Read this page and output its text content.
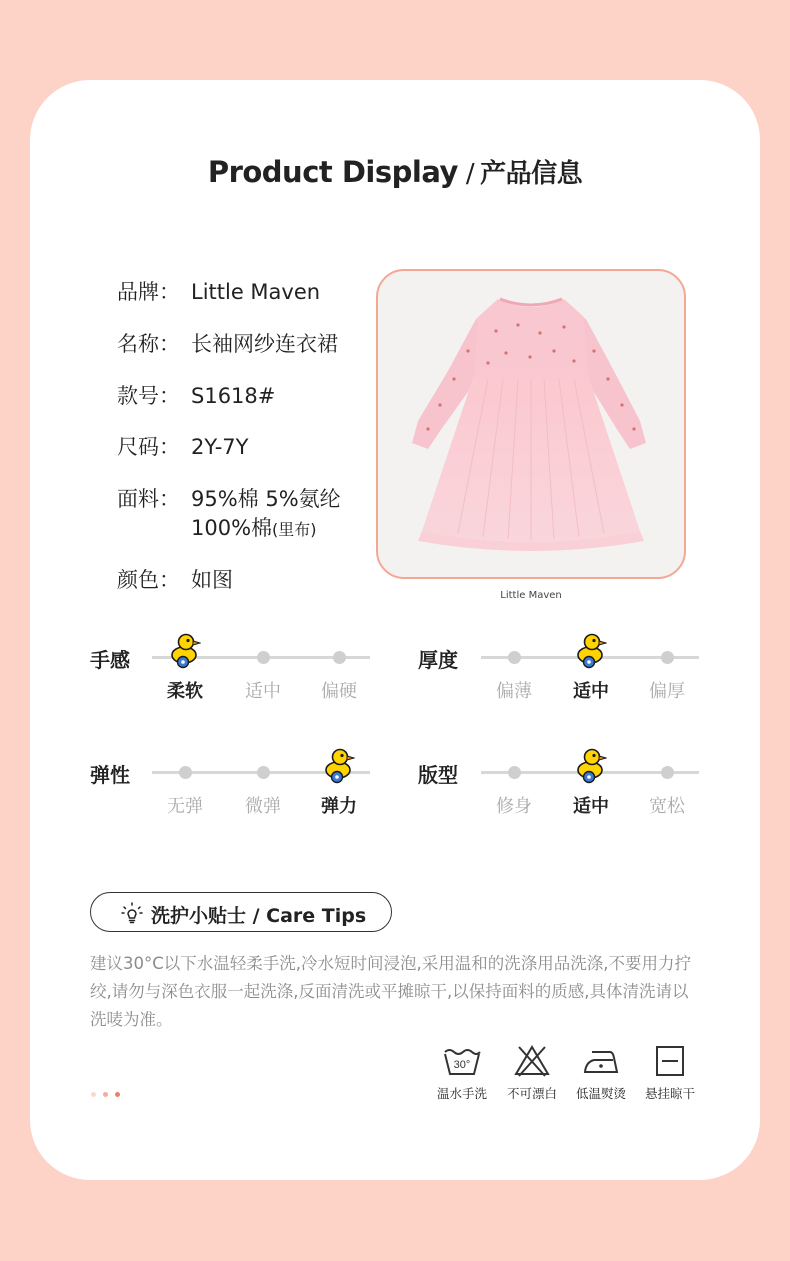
Product Display / 产品信息
品牌： Little Maven
名称： 长袖网纱连衣裙
款号： S1618#
尺码： 2Y-7Y
面料： 95%棉 5%氨纶
100%棉(里布)
颜色： 如图
Little Maven
手感
柔软	适中	偏硬
厚度
偏薄	适中	偏厚
弹性
无弹	微弹	弹力
版型
修身	适中	宽松
洗护小贴士 / Care Tips
建议30°C以下水温轻柔手洗,冷水短时间浸泡,采用温和的洗涤用品洗涤,不要用力拧绞,请勿与深色衣服一起洗涤,反面清洗或平摊晾干,以保持面料的质感,具体清洗请以洗唛为准。
30°
温水手洗	不可漂白	低温熨烫	悬挂晾干
